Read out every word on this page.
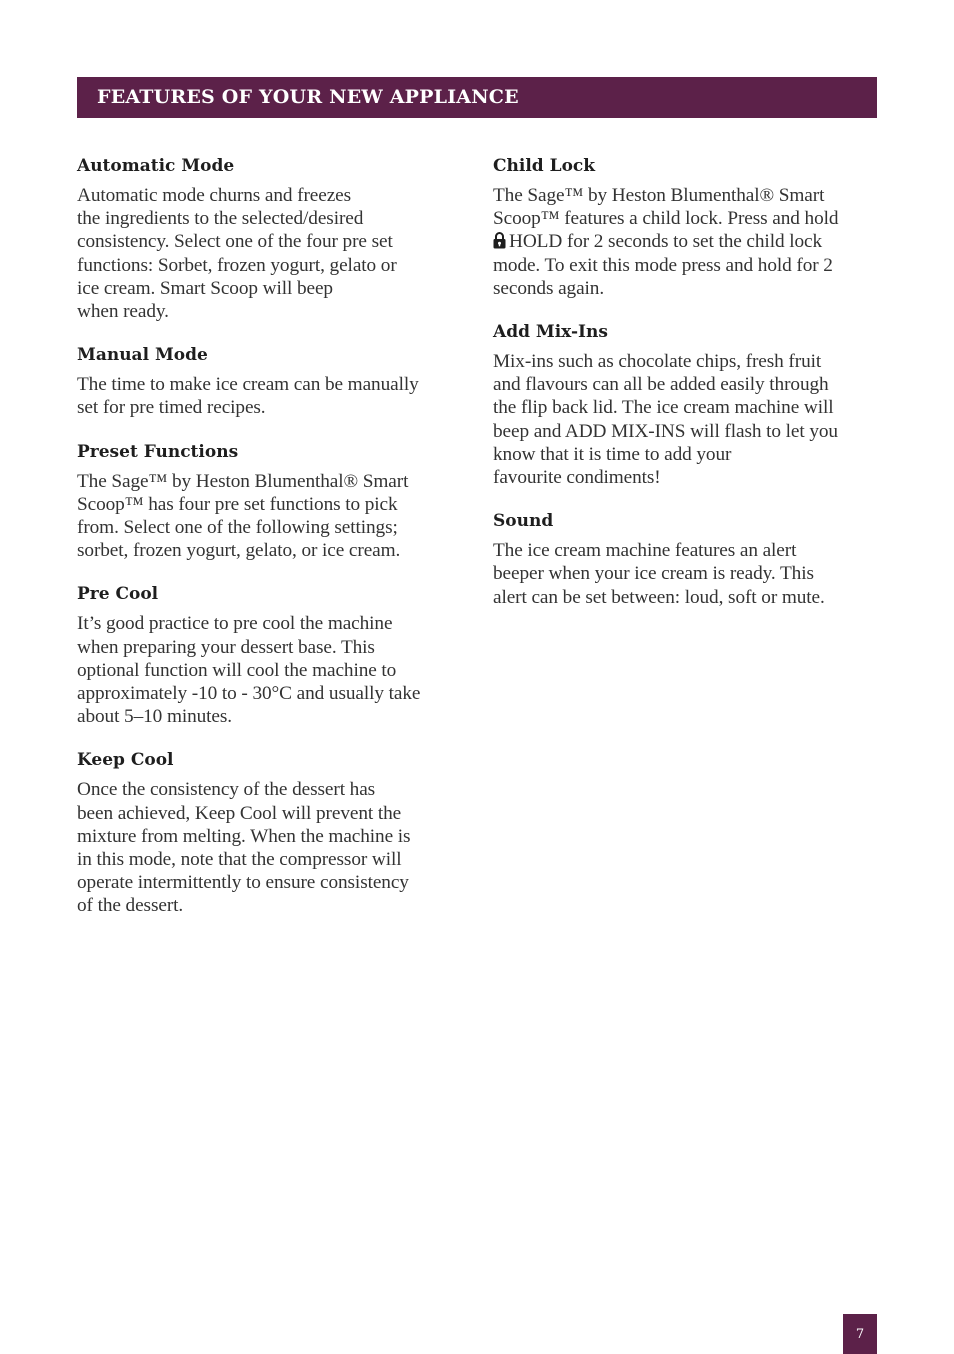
FEATURES OF YOUR NEW APPLIANCE
Automatic Mode

Automatic mode churns and freezes
the ingredients to the selected/desired
consistency. Select one of the four pre set
functions: Sorbet, frozen yogurt, gelato or
ice cream. Smart Scoop will beep
when ready.

Manual Mode

The time to make ice cream can be manually
set for pre timed recipes.

Preset Functions

The Sage™ by Heston Blumenthal® Smart
Scoop™ has four pre set functions to pick
from. Select one of the following settings;
sorbet, frozen yogurt, gelato, or ice cream.

Pre Cool

It’s good practice to pre cool the machine
when preparing your dessert base. This
optional function will cool the machine to
approximately -10 to - 30°C and usually take
about 5–10 minutes.

Keep Cool

Once the consistency of the dessert has
been achieved, Keep Cool will prevent the
mixture from melting. When the machine is
in this mode, note that the compressor will
operate intermittently to ensure consistency
of the dessert.

Child Lock

The Sage™ by Heston Blumenthal® Smart
Scoop™ features a child lock. Press and hold
HOLD for 2 seconds to set the child lock
mode. To exit this mode press and hold for 2
seconds again.

Add Mix-Ins

Mix-ins such as chocolate chips, fresh fruit
and flavours can all be added easily through
the flip back lid. The ice cream machine will
beep and ADD MIX-INS will flash to let you
know that it is time to add your
favourite condiments!

Sound

The ice cream machine features an alert
beeper when your ice cream is ready. This
alert can be set between: loud, soft or mute.

7
